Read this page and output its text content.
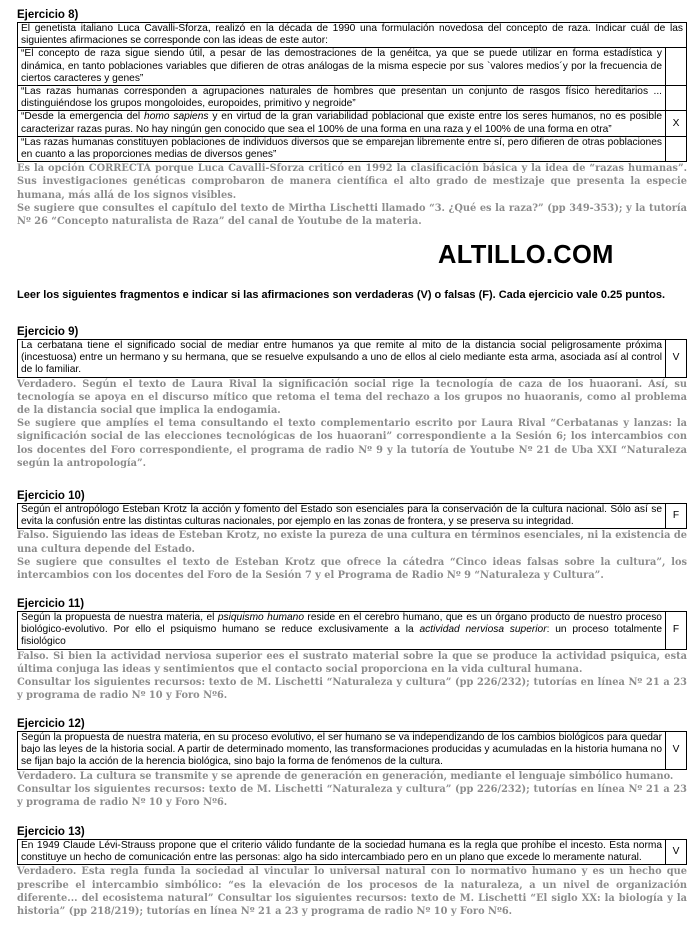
Ejercicio 8)
El genetista italiano Luca Cavalli-Sforza, realizó en la década de 1990 una formulación novedosa del concepto de raza. Indicar cuál de las siguientes afirmaciones se corresponde con las ideas de este autor:	
“El concepto de raza sigue siendo útil, a pesar de las demostraciones de la genéitca, ya que se puede utilizar en forma estadística y dinámica, en tanto poblaciones variables que difieren de otras análogas de la misma especie por sus `valores medios´y por la frecuencia de ciertos caracteres y genes”	
“Las razas humanas corresponden a agrupaciones naturales de hombres que presentan un conjunto de rasgos físico hereditarios ... distinguiéndose los grupos mongoloides, europoides, primitivo y negroide”	
“Desde la emergencia del homo sapiens y en virtud de la gran variabilidad poblacional que existe entre los seres humanos, no es posible caracterizar razas puras. No hay ningún gen conocido que sea el 100% de una forma en una raza y el 100% de una forma en otra”	X
“Las razas humanas constituyen poblaciones de individuos diversos que se emparejan libremente entre sí, pero difieren de otras poblaciones en cuanto a las proporciones medias de diversos genes”	
Es la opción CORRECTA porque Luca Cavalli-Sforza criticó en 1992 la clasificación básica y la idea de “razas humanas”. Sus investigaciones genéticas comprobaron de manera científica el alto grado de mestizaje que presenta la especie humana, más allá de los signos visibles.
Se sugiere que consultes el capítulo del texto de Mirtha Lischetti llamado “3. ¿Qué es la raza?” (pp 349-353); y la tutoría Nº 26 “Concepto naturalista de Raza” del canal de Youtube de la materia.
ALTILLO.COM
Leer los siguientes fragmentos e indicar si las afirmaciones son verdaderas (V) o falsas (F). Cada ejercicio vale 0.25 puntos.
Ejercicio 9)
La cerbatana tiene el significado social de mediar entre humanos ya que remite al mito de la distancia social peligrosamente próxima (incestuosa) entre un hermano y su hermana, que se resuelve expulsando a uno de ellos al cielo mediante esta arma, asociada así al control de lo familiar.	V
Verdadero. Según el texto de Laura Rival la significación social rige la tecnología de caza de los huaorani. Así, su tecnología se apoya en el discurso mítico que retoma el tema del rechazo a los grupos no huaoranis, como al problema de la distancia social que implica la endogamia.
Se sugiere que amplíes el tema consultando el texto complementario escrito por Laura Rival “Cerbatanas y lanzas: la significación social de las elecciones tecnológicas de los huaorani” correspondiente a la Sesión 6; los intercambios con los docentes del Foro correspondiente, el programa de radio Nº 9 y la tutoría de Youtube Nº 21 de Uba XXI “Naturaleza según la antropología”.
Ejercicio 10)
Según el antropólogo Esteban Krotz la acción y fomento del Estado son esenciales para la conservación de la cultura nacional. Sólo así se evita la confusión entre las distintas culturas nacionales, por ejemplo en las zonas de frontera, y se preserva su integridad.	F
Falso. Siguiendo las ideas de Esteban Krotz, no existe la pureza de una cultura en términos esenciales, ni la existencia de una cultura depende del Estado.
Se sugiere que consultes el texto de Esteban Krotz que ofrece la cátedra “Cinco ideas falsas sobre la cultura”, los intercambios con los docentes del Foro de la Sesión 7 y el Programa de Radio Nº 9 “Naturaleza y Cultura”.
Ejercicio 11)
Según la propuesta de nuestra materia, el psiquismo humano reside en el cerebro humano, que es un órgano producto de nuestro proceso biológico-evolutivo. Por ello el psiquismo humano se reduce exclusivamente a la actividad nerviosa superior: un proceso totalmente fisiológico	F
Falso. Si bien la actividad nerviosa superior ees el sustrato material sobre la que se produce la actividad psiquica, esta última conjuga las ideas y sentimientos que el contacto social proporciona en la vida cultural humana.
Consultar los siguientes recursos: texto de M. Lischetti “Naturaleza y cultura” (pp 226/232); tutorías en línea Nº 21 a 23 y programa de radio Nº 10 y Foro Nº6.
Ejercicio 12)
Según la propuesta de nuestra materia, en su proceso evolutivo, el ser humano se va independizando de los cambios biológicos para quedar bajo las leyes de la historia social. A partir de determinado momento, las transformaciones producidas y acumuladas en la historia humana no se fijan bajo la acción de la herencia biológica, sino bajo la forma de fenómenos de la cultura.	V
Verdadero. La cultura se transmite y se aprende de generación en generación, mediante el lenguaje simbólico humano.
Consultar los siguientes recursos: texto de M. Lischetti “Naturaleza y cultura” (pp 226/232); tutorías en línea Nº 21 a 23 y programa de radio Nº 10 y Foro Nº6.
Ejercicio 13)
En 1949 Claude Lévi-Strauss propone que el criterio válido fundante de la sociedad humana es la regla que prohíbe el incesto. Esta norma constituye un hecho de comunicación entre las personas: algo ha sido intercambiado pero en un plano que excede lo meramente natural.	V
Verdadero. Esta regla funda la sociedad al vincular lo universal natural con lo normativo humano y es un hecho que prescribe el intercambio simbólico: “es la elevación de los procesos de la naturaleza, a un nivel de organización diferente... del ecosistema natural” Consultar los siguientes recursos: texto de M. Lischetti “El siglo XX: la biología y la historia” (pp 218/219); tutorías en línea Nº 21 a 23 y programa de radio Nº 10 y Foro Nº6.
